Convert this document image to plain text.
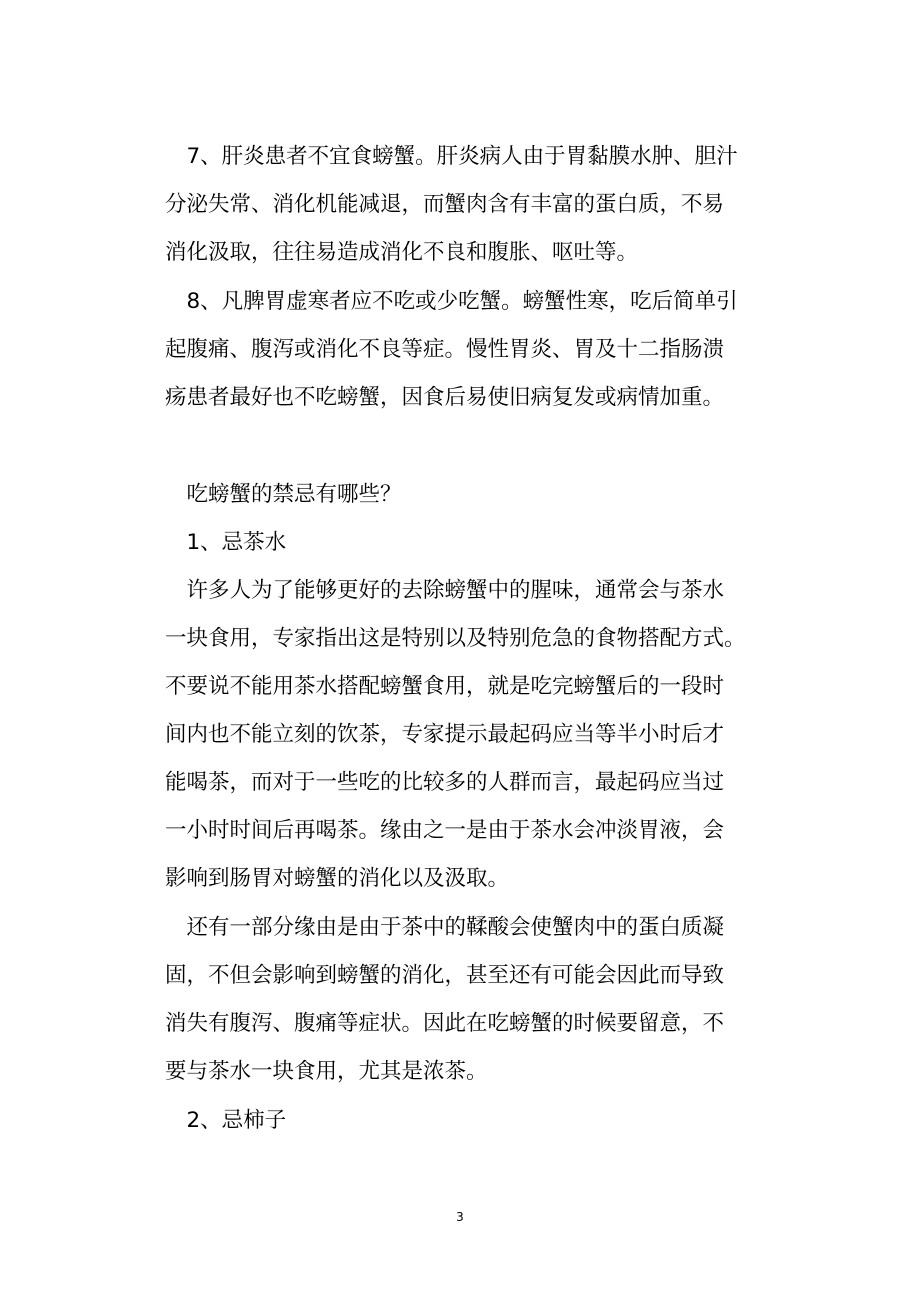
　7、肝炎患者不宜食螃蟹。肝炎病人由于胃黏膜水肿、胆汁
分泌失常、消化机能减退，而蟹肉含有丰富的蛋白质，不易
消化汲取，往往易造成消化不良和腹胀、呕吐等。
　8、凡脾胃虚寒者应不吃或少吃蟹。螃蟹性寒，吃后简单引
起腹痛、腹泻或消化不良等症。慢性胃炎、胃及十二指肠溃
疡患者最好也不吃螃蟹，因食后易使旧病复发或病情加重。
　吃螃蟹的禁忌有哪些？
　1、忌茶水
　许多人为了能够更好的去除螃蟹中的腥味，通常会与茶水
一块食用，专家指出这是特别以及特别危急的食物搭配方式。
不要说不能用茶水搭配螃蟹食用，就是吃完螃蟹后的一段时
间内也不能立刻的饮茶，专家提示最起码应当等半小时后才
能喝茶，而对于一些吃的比较多的人群而言，最起码应当过
一小时时间后再喝茶。缘由之一是由于茶水会冲淡胃液，会
影响到肠胃对螃蟹的消化以及汲取。
　还有一部分缘由是由于茶中的鞣酸会使蟹肉中的蛋白质凝
固，不但会影响到螃蟹的消化，甚至还有可能会因此而导致
消失有腹泻、腹痛等症状。因此在吃螃蟹的时候要留意，不
要与茶水一块食用，尤其是浓茶。
　2、忌柿子
3
